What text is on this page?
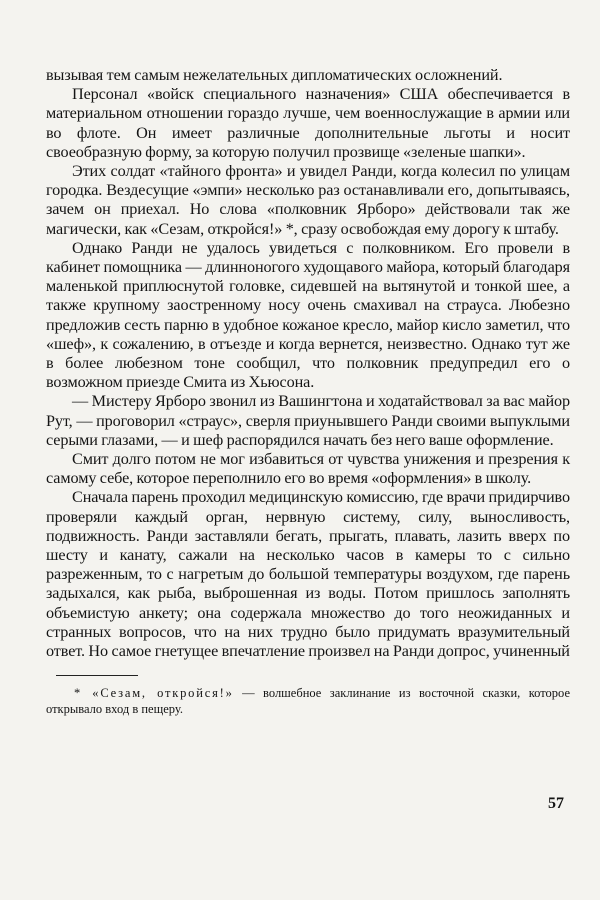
вызывая тем самым нежелательных дипломатических осложнений.

Персонал «войск специального назначения» США обеспечивается в материальном отношении гораздо лучше, чем военнослужащие в армии или во флоте. Он имеет различные дополнительные льготы и носит своеобразную форму, за которую получил прозвище «зеленые шапки».

Этих солдат «тайного фронта» и увидел Ранди, когда колесил по улицам городка. Вездесущие «эмпи» несколько раз останавливали его, допытываясь, зачем он приехал. Но слова «полковник Ярборо» действовали так же магически, как «Сезам, откройся!» *, сразу освобождая ему дорогу к штабу.

Однако Ранди не удалось увидеться с полковником. Его провели в кабинет помощника — длинноногого худощавого майора, который благодаря маленькой приплюснутой головке, сидевшей на вытянутой и тонкой шее, а также крупному заостренному носу очень смахивал на страуса. Любезно предложив сесть парню в удобное кожаное кресло, майор кисло заметил, что «шеф», к сожалению, в отъезде и когда вернется, неизвестно. Однако тут же в более любезном тоне сообщил, что полковник предупредил его о возможном приезде Смита из Хьюсона.

— Мистеру Ярборо звонил из Вашингтона и ходатайствовал за вас майор Рут, — проговорил «страус», сверля приунывшего Ранди своими выпуклыми серыми глазами, — и шеф распорядился начать без него ваше оформление.

Смит долго потом не мог избавиться от чувства унижения и презрения к самому себе, которое переполнило его во время «оформления» в школу.

Сначала парень проходил медицинскую комиссию, где врачи придирчиво проверяли каждый орган, нервную систему, силу, выносливость, подвижность. Ранди заставляли бегать, прыгать, плавать, лазить вверх по шесту и канату, сажали на несколько часов в камеры то с сильно разреженным, то с нагретым до большой температуры воздухом, где парень задыхался, как рыба, выброшенная из воды. Потом пришлось заполнять объемистую анкету; она содержала множество до того неожиданных и странных вопросов, что на них трудно было придумать вразумительный ответ. Но самое гнетущее впечатление произвел на Ранди допрос, учиненный

* «Сезам, откройся!» — волшебное заклинание из восточной сказки, которое открывало вход в пещеру.

57
